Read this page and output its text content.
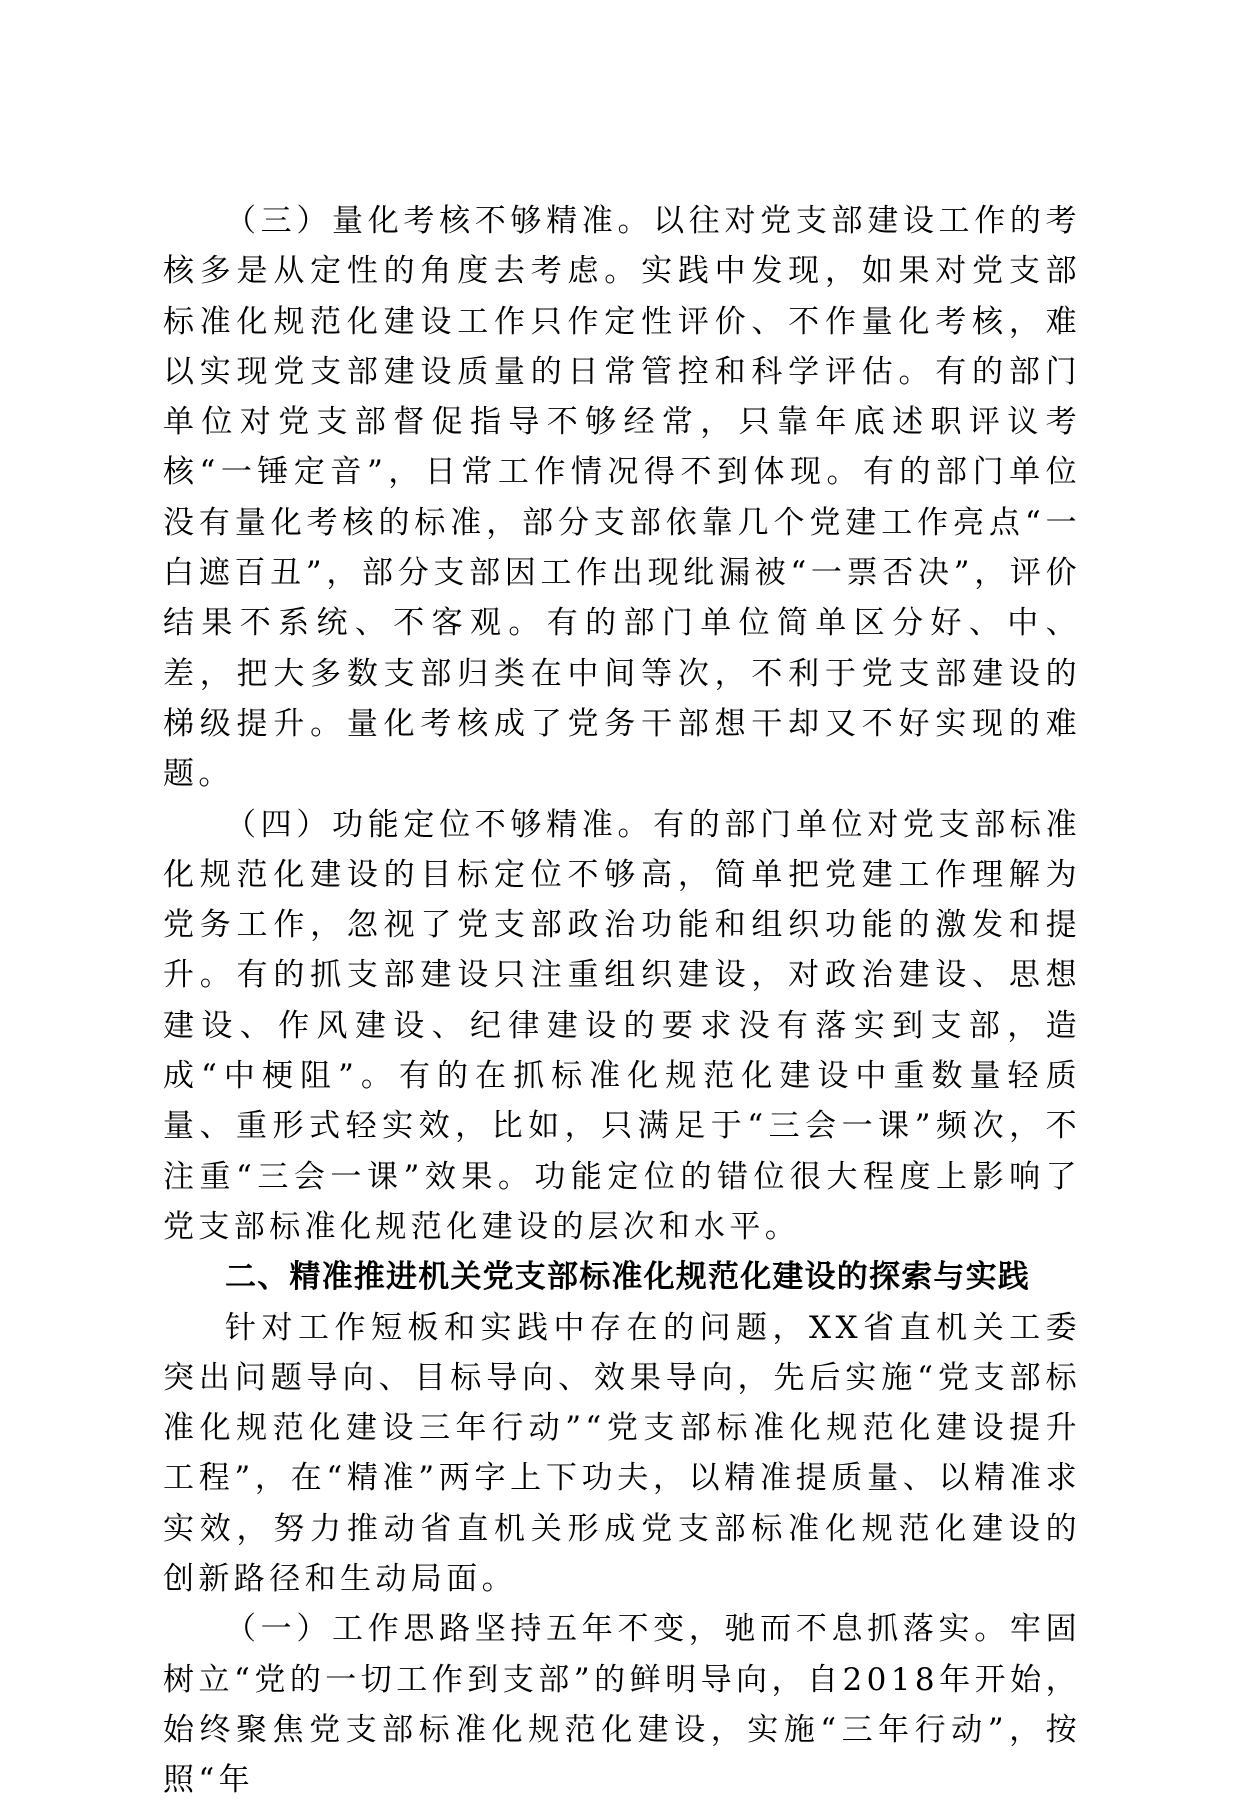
（三）量化考核不够精准。以往对党支部建设工作的考核多是从定性的角度去考虑。实践中发现，如果对党支部标准化规范化建设工作只作定性评价、不作量化考核，难以实现党支部建设质量的日常管控和科学评估。有的部门单位对党支部督促指导不够经常，只靠年底述职评议考核“一锤定音”，日常工作情况得不到体现。有的部门单位没有量化考核的标准，部分支部依靠几个党建工作亮点“一白遮百丑”，部分支部因工作出现纰漏被“一票否决”，评价结果不系统、不客观。有的部门单位简单区分好、中、差，把大多数支部归类在中间等次，不利于党支部建设的梯级提升。量化考核成了党务干部想干却又不好实现的难题。

（四）功能定位不够精准。有的部门单位对党支部标准化规范化建设的目标定位不够高，简单把党建工作理解为党务工作，忽视了党支部政治功能和组织功能的激发和提升。有的抓支部建设只注重组织建设，对政治建设、思想建设、作风建设、纪律建设的要求没有落实到支部，造成“中梗阻”。有的在抓标准化规范化建设中重数量轻质量、重形式轻实效，比如，只满足于“三会一课”频次，不注重“三会一课”效果。功能定位的错位很大程度上影响了党支部标准化规范化建设的层次和水平。

二、精准推进机关党支部标准化规范化建设的探索与实践

针对工作短板和实践中存在的问题，XX省直机关工委突出问题导向、目标导向、效果导向，先后实施“党支部标准化规范化建设三年行动”“党支部标准化规范化建设提升工程”，在“精准”两字上下功夫，以精准提质量、以精准求实效，努力推动省直机关形成党支部标准化规范化建设的创新路径和生动局面。

（一）工作思路坚持五年不变，驰而不息抓落实。牢固树立“党的一切工作到支部”的鲜明导向，自2018年开始，始终聚焦党支部标准化规范化建设，实施“三年行动”，按照“年
